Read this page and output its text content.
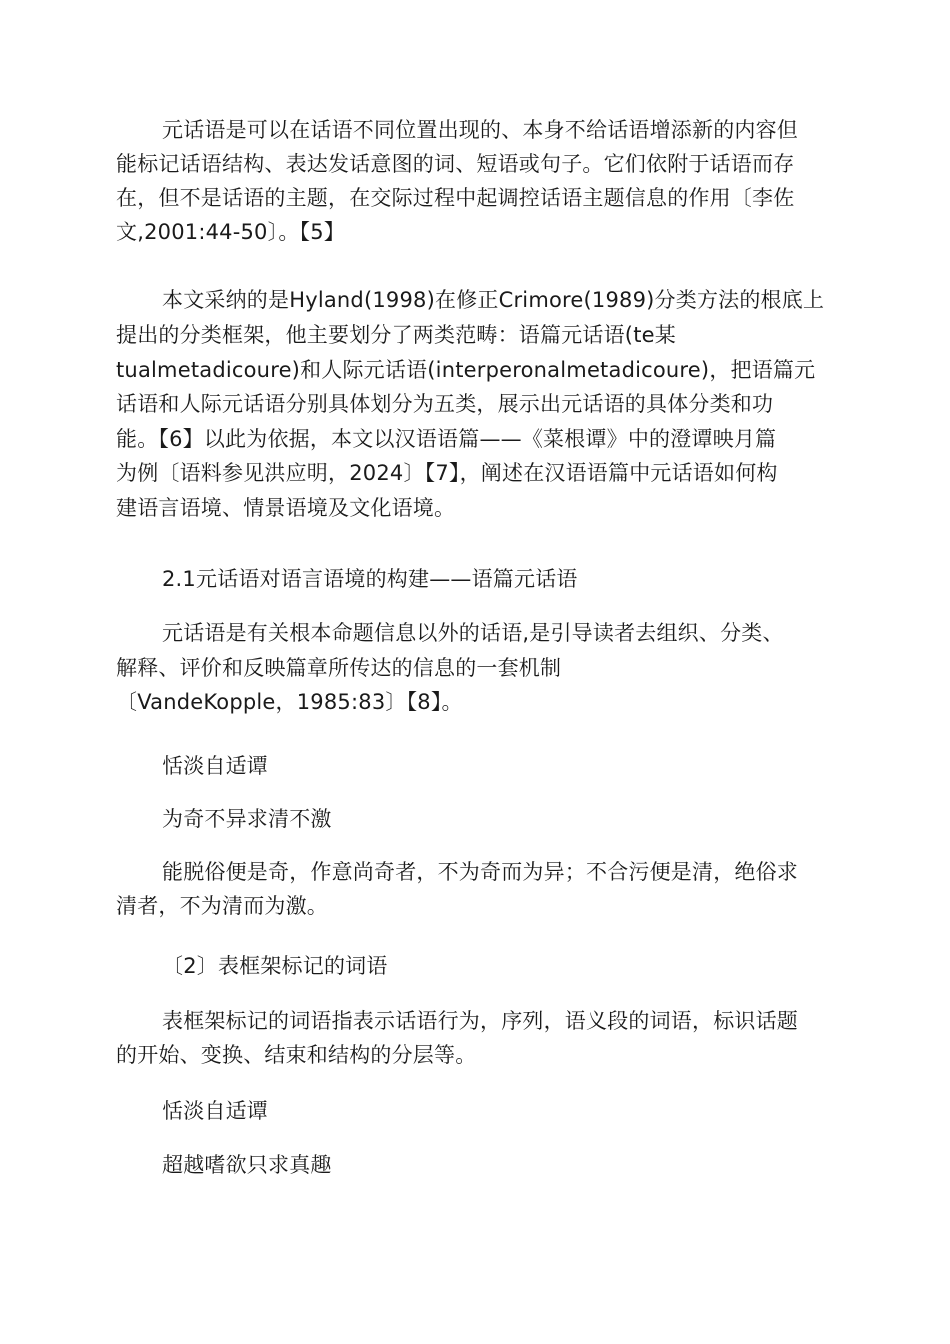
元话语是可以在话语不同位置出现的、本身不给话语增添新的内容但
能标记话语结构、表达发话意图的词、短语或句子。它们依附于话语而存
在，但不是话语的主题，在交际过程中起调控话语主题信息的作用〔李佐
文,2001:44-50〕。【5】
本文采纳的是Hyland(1998)在修正Crimore(1989)分类方法的根底上
提出的分类框架，他主要划分了两类范畴：语篇元话语(te某
tualmetadicoure)和人际元话语(interperonalmetadicoure)，把语篇元
话语和人际元话语分别具体划分为五类，展示出元话语的具体分类和功
能。【6】以此为依据，本文以汉语语篇——《菜根谭》中的澄谭映月篇
为例〔语料参见洪应明，2024〕【7】，阐述在汉语语篇中元话语如何构
建语言语境、情景语境及文化语境。
2.1元话语对语言语境的构建——语篇元话语
元话语是有关根本命题信息以外的话语,是引导读者去组织、分类、
解释、评价和反映篇章所传达的信息的一套机制
〔VandeKopple，1985:83〕【8】。
恬淡自适谭
为奇不异求清不激
能脱俗便是奇，作意尚奇者，不为奇而为异；不合污便是清，绝俗求
清者，不为清而为激。
〔2〕表框架标记的词语
表框架标记的词语指表示话语行为，序列，语义段的词语，标识话题
的开始、变换、结束和结构的分层等。
恬淡自适谭
超越嗜欲只求真趣
